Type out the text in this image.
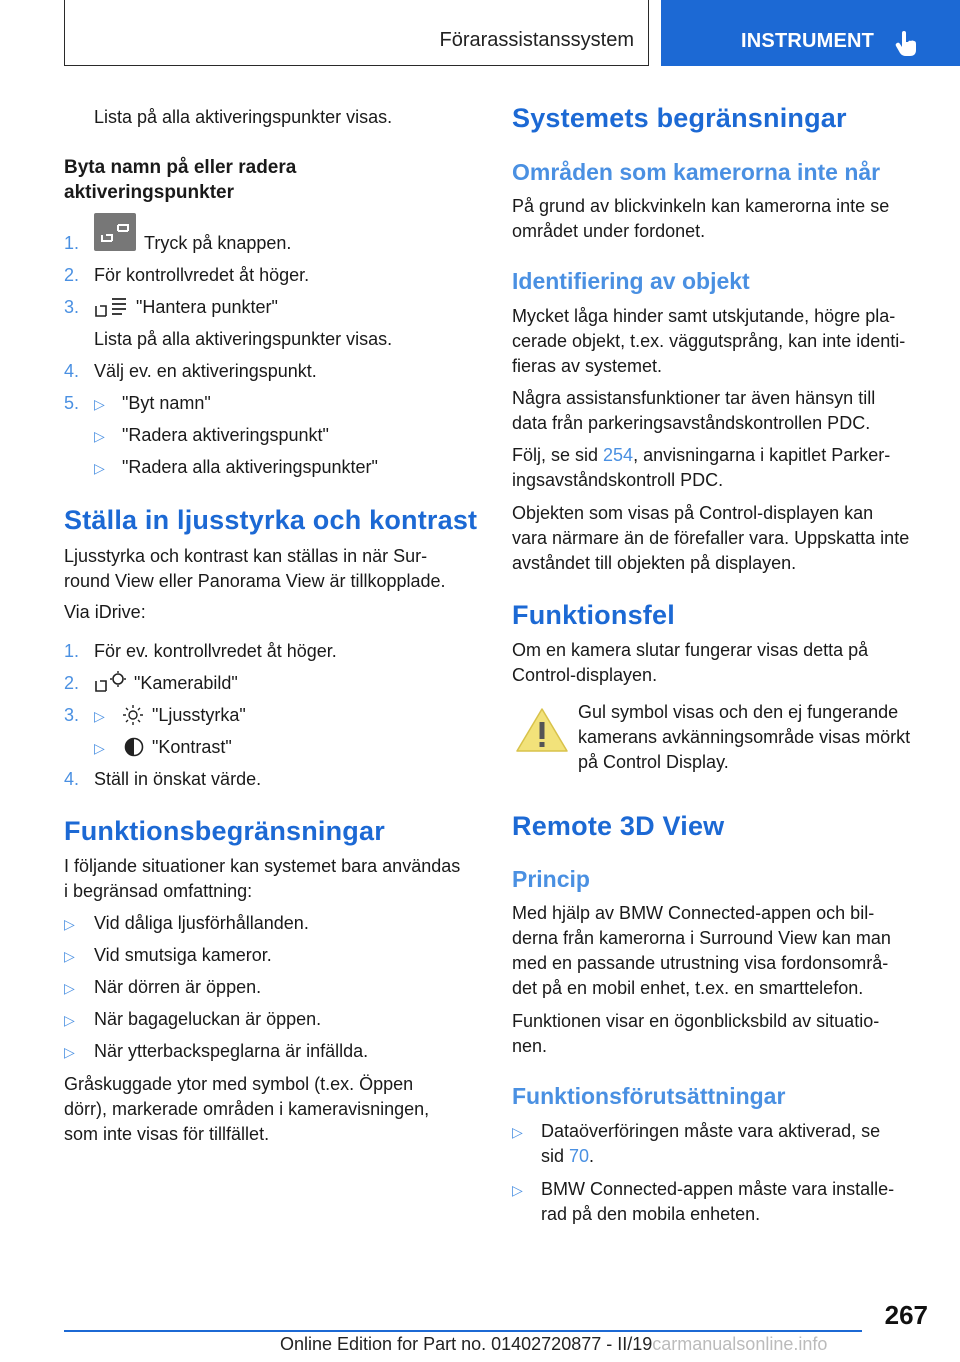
Förarassistanssystem	INSTRUMENT
Lista på alla aktiveringspunkter visas.
Byta namn på eller radera
aktiveringspunkter
1.	Tryck på knappen.
2. För kontrollvredet åt höger.
3.	"Hantera punkter"
Lista på alla aktiveringspunkter visas.
4. Välj ev. en aktiveringspunkt.
5. ▷ "Byt namn"
▷ "Radera aktiveringspunkt"
▷ "Radera alla aktiveringspunkter"
Ställa in ljusstyrka och kontrast
Ljusstyrka och kontrast kan ställas in när Sur‐
round View eller Panorama View är tillkopplade.
Via iDrive:
1. För ev. kontrollvredet åt höger.
2.	"Kamerabild"
3. ▷	"Ljusstyrka"
▷	"Kontrast"
4. Ställ in önskat värde.
Funktionsbegränsningar
I följande situationer kan systemet bara användas
i begränsad omfattning:
▷ Vid dåliga ljusförhållanden.
▷ Vid smutsiga kameror.
▷ När dörren är öppen.
▷ När bagageluckan är öppen.
▷ När ytterbackspeglarna är infällda.
Gråskuggade ytor med symbol (t.ex. Öppen
dörr), markerade områden i kameravisningen,
som inte visas för tillfället.
Systemets begränsningar
Områden som kamerorna inte når
På grund av blickvinkeln kan kamerorna inte se
området under fordonet.
Identifiering av objekt
Mycket låga hinder samt utskjutande, högre pla‐
cerade objekt, t.ex. väggutsprång, kan inte identi‐
fieras av systemet.
Några assistansfunktioner tar även hänsyn till
data från parkeringsavståndskontrollen PDC.
Följ, se sid 254, anvisningarna i kapitlet Parker‐
ingsavståndskontroll PDC.
Objekten som visas på Control-displayen kan
vara närmare än de förefaller vara. Uppskatta inte
avståndet till objekten på displayen.
Funktionsfel
Om en kamera slutar fungerar visas detta på
Control-displayen.
Gul symbol visas och den ej fungerande
kamerans avkänningsområde visas mörkt
på Control Display.
Remote 3D View
Princip
Med hjälp av BMW Connected-appen och bil‐
derna från kamerorna i Surround View kan man
med en passande utrustning visa fordonsområ‐
det på en mobil enhet, t.ex. en smarttelefon.
Funktionen visar en ögonblicksbild av situatio‐
nen.
Funktionsförutsättningar
▷ Dataöverföringen måste vara aktiverad, se
sid 70.
▷ BMW Connected-appen måste vara installe‐
rad på den mobila enheten.
267
Online Edition for Part no. 01402720877 - II/19carmanualsonline.info
